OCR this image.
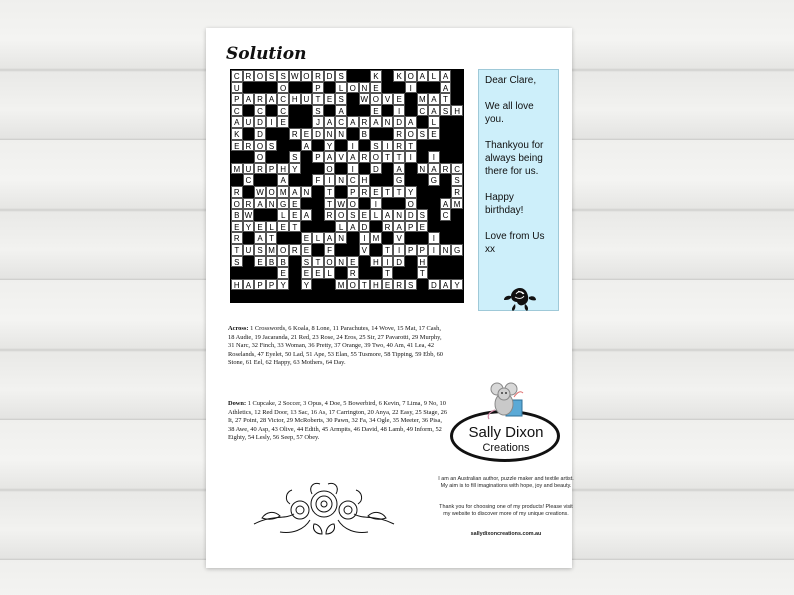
Solution
C R O S S W O R D S	K	K O A L A
U	O	P	L O N E	I	A
P A R A C H U T E S	W O V E	M A T
C	C	C	S	A	E	I	C A S H
A U D I E	J A C A R A N D A	L
K	D	R E D N N	B	R O S E
E R O S	A	Y	I	S I R T
O	S	P A V A R O T T	I	I
M U R P H Y	O	I	D	A	N A R C
C	A	F	I N C H	G	G	S
R	W O M A N	T	P R E T T Y	R
O R A N G E	T W O	I	O	A M
B W	L E A	R O S E L A N D S	C
E Y E L E T	L A D	R A P E
R	A T	E L A N	I M	V	I
T U S M O R E	F	V	T	I P P I N G
S	E B B	S T O N E	H I D	H
E	E E L	R	T	T
H A P P Y	Y	M O T H E R S	D A Y

Dear Clare,

We all love you.

Thankyou for always being there for us.

Happy birthday!

Love from Us xx

Across: 1 Crosswords, 6 Koala, 8 Lone, 11 Parachutes, 14 Wove, 15 Mat, 17 Cash, 18 Audie, 19 Jacaranda, 21 Red, 23 Rose, 24 Eros, 25 Sir, 27 Pavarotti, 29 Murphy, 31 Narc, 32 Finch, 33 Woman, 36 Pretty, 37 Orange, 39 Two, 40 Am, 41 Lea, 42 Roselands, 47 Eyelet, 50 Lad, 51 Ape, 53 Elan, 55 Tusmore, 58 Tipping, 59 Ebb, 60 Stone, 61 Eel, 62 Happy, 63 Mothers, 64 Day.
Down: 1 Cupcake, 2 Soccer, 3 Opus, 4 Doe, 5 Bowerbird, 6 Kevin, 7 Lima, 9 No, 10 Athletics, 12 Red Door, 13 Sac, 16 As, 17 Carrington, 20 Anya, 22 Easy, 25 Stage, 26 It, 27 Point, 28 Victor, 29 McRoberts, 30 Pawn, 32 Fa, 34 Ogle, 35 Meeter, 36 Pisa, 38 Awe, 40 Asp, 43 Olive, 44 Edith, 45 Armpits, 46 David, 48 Lamb, 49 Inform, 52 Eighty, 54 Lesly, 56 Seep, 57 Obey.	Sally Dixon
Creations
I am an Australian author, puzzle maker and textile artist. My aim is to fill imaginations with hope, joy and beauty.
Thank you for choosing one of my products! Please visit my website to discover more of my unique creations.
sallydixoncreations.com.au
